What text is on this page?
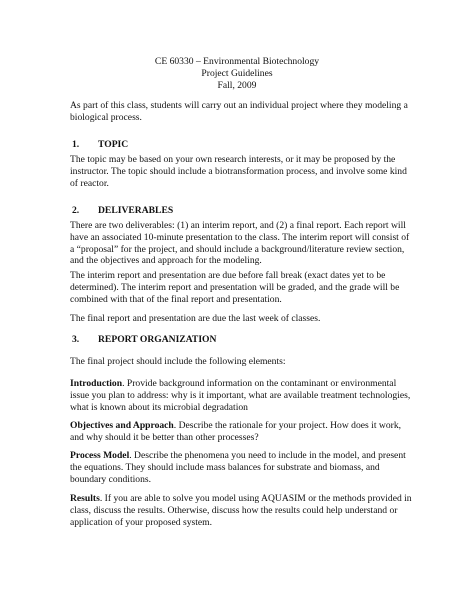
CE 60330 – Environmental Biotechnology
Project Guidelines
Fall, 2009

As part of this class, students will carry out an individual project where they modeling a biological process.

1. TOPIC

The topic may be based on your own research interests, or it may be proposed by the instructor. The topic should include a biotransformation process, and involve some kind of reactor.

2. DELIVERABLES

There are two deliverables: (1) an interim report, and (2) a final report. Each report will have an associated 10-minute presentation to the class. The interim report will consist of a “proposal” for the project, and should include a background/literature review section, and the objectives and approach for the modeling.

The interim report and presentation are due before fall break (exact dates yet to be determined). The interim report and presentation will be graded, and the grade will be combined with that of the final report and presentation.

The final report and presentation are due the last week of classes.

3. REPORT ORGANIZATION

The final project should include the following elements:

Introduction. Provide background information on the contaminant or environmental issue you plan to address: why is it important, what are available treatment technologies, what is known about its microbial degradation

Objectives and Approach. Describe the rationale for your project. How does it work, and why should it be better than other processes?

Process Model. Describe the phenomena you need to include in the model, and present the equations. They should include mass balances for substrate and biomass, and boundary conditions.

Results. If you are able to solve you model using AQUASIM or the methods provided in class, discuss the results. Otherwise, discuss how the results could help understand or application of your proposed system.
